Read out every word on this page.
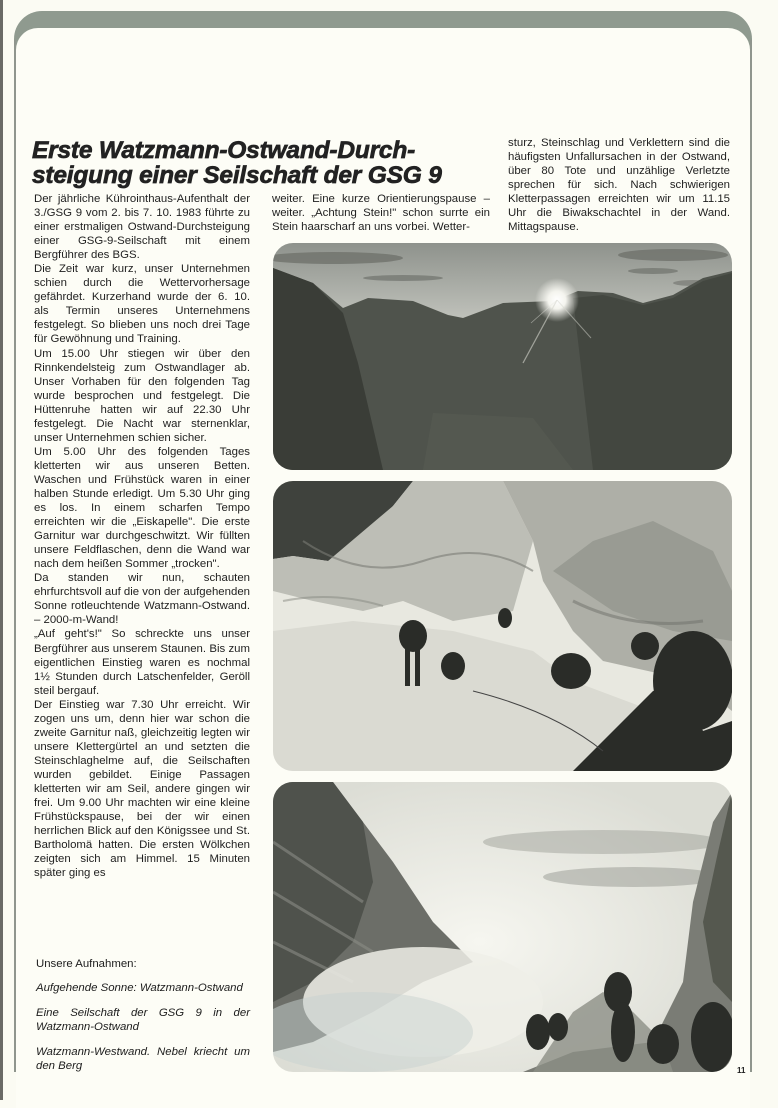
Erste Watzmann-Ostwand-Durch-
steigung einer Seilschaft der GSG 9

Der jährliche Kührointhaus-Aufenthalt der 3./GSG 9 vom 2. bis 7. 10. 1983 führte zu einer erstmaligen Ostwand-Durchsteigung einer GSG-9-Seilschaft mit einem Bergführer des BGS.

Die Zeit war kurz, unser Unternehmen schien durch die Wettervorhersage gefährdet. Kurzerhand wurde der 6. 10. als Termin unseres Unternehmens festgelegt. So blieben uns noch drei Tage für Gewöhnung und Training.

Um 15.00 Uhr stiegen wir über den Rinnkendelsteig zum Ostwandlager ab. Unser Vorhaben für den folgenden Tag wurde besprochen und festgelegt. Die Hüttenruhe hatten wir auf 22.30 Uhr festgelegt. Die Nacht war sternenklar, unser Unternehmen schien sicher.

Um 5.00 Uhr des folgenden Tages kletterten wir aus unseren Betten. Waschen und Frühstück waren in einer halben Stunde erledigt. Um 5.30 Uhr ging es los. In einem scharfen Tempo erreichten wir die „Eiskapelle". Die erste Garnitur war durchgeschwitzt. Wir füllten unsere Feldflaschen, denn die Wand war nach dem heißen Sommer „trocken".

Da standen wir nun, schauten ehrfurchtsvoll auf die von der aufgehenden Sonne rotleuchtende Watzmann-Ostwand. – 2000-m-Wand!

„Auf geht's!" So schreckte uns unser Bergführer aus unserem Staunen. Bis zum eigentlichen Einstieg waren es nochmal 1½ Stunden durch Latschenfelder, Geröll steil bergauf.

Der Einstieg war 7.30 Uhr erreicht. Wir zogen uns um, denn hier war schon die zweite Garnitur naß, gleichzeitig legten wir unsere Klettergürtel an und setzten die Steinschlaghelme auf, die Seilschaften wurden gebildet. Einige Passagen kletterten wir am Seil, andere gingen wir frei. Um 9.00 Uhr machten wir eine kleine Frühstückspause, bei der wir einen herrlichen Blick auf den Königssee und St. Bartholomä hatten. Die ersten Wölkchen zeigten sich am Himmel. 15 Minuten später ging es

weiter. Eine kurze Orientierungspause – weiter. „Achtung Stein!" schon surrte ein Stein haarscharf an uns vorbei. Wetter-

sturz, Steinschlag und Verklettern sind die häufigsten Unfallursachen in der Ostwand, über 80 Tote und unzählige Verletzte sprechen für sich. Nach schwierigen Kletterpassagen erreichten wir um 11.15 Uhr die Biwakschachtel in der Wand. Mittagspause.

Unsere Aufnahmen:
Aufgehende Sonne: Watzmann-Ostwand
Eine Seilschaft der GSG 9 in der Watzmann-Ostwand
Watzmann-Westwand. Nebel kriecht um den Berg	11
